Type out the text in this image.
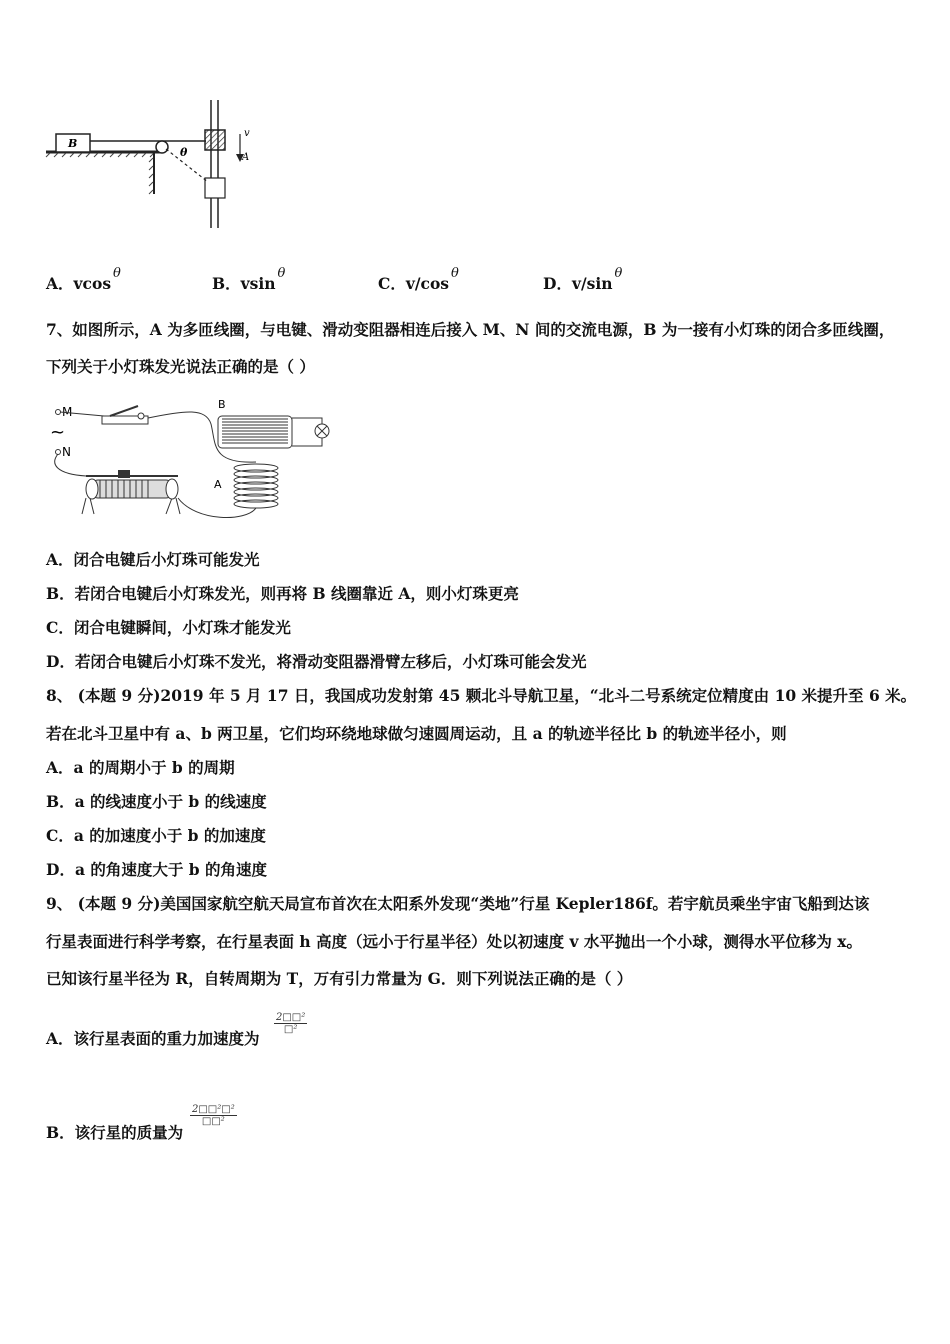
v
A
B
θ
A．vcos$^\theta$
B．vsin$^\theta$
C．$v/\cos^\theta$
D．$v/\sin^\theta$
7、如图所示，A 为多匝线圈，与电键、滑动变阻器相连后接入 M、N 间的交流电源，B 为一接有小灯珠的闭合多匝线圈，
下列关于小灯珠发光说法正确的是（ ）
M
N
~
B
A
A．闭合电键后小灯珠可能发光
B．若闭合电键后小灯珠发光，则再将 B 线圈靠近 A，则小灯珠更亮
C．闭合电键瞬间，小灯珠才能发光
D．若闭合电键后小灯珠不发光，将滑动变阻器滑臂左移后，小灯珠可能会发光
8、 (本题 9 分)2019 年 5 月 17 日，我国成功发射第 45 颗北斗导航卫星，“北斗二号系统定位精度由 10 米提升至 6 米。
若在北斗卫星中有 a、b 两卫星，它们均环绕地球做匀速圆周运动，且 a 的轨迹半径比 b 的轨迹半径小，则
A．a 的周期小于 b 的周期
B．a 的线速度小于 b 的线速度
C．a 的加速度小于 b 的加速度
D．a 的角速度大于 b 的角速度
9、 (本题 9 分)美国国家航空航天局宣布首次在太阳系外发现“类地”行星 Kepler186f。若宇航员乘坐宇宙飞船到达该
行星表面进行科学考察，在行星表面 h 高度（远小于行星半径）处以初速度 v 水平抛出一个小球，测得水平位移为 x。
已知该行星半径为 R，自转周期为 T，万有引力常量为 G．则下列说法正确的是（ ）
A．该行星表面的重力加速度为
2□□²
□²
B．该行星的质量为
2□□²□²
□□²
